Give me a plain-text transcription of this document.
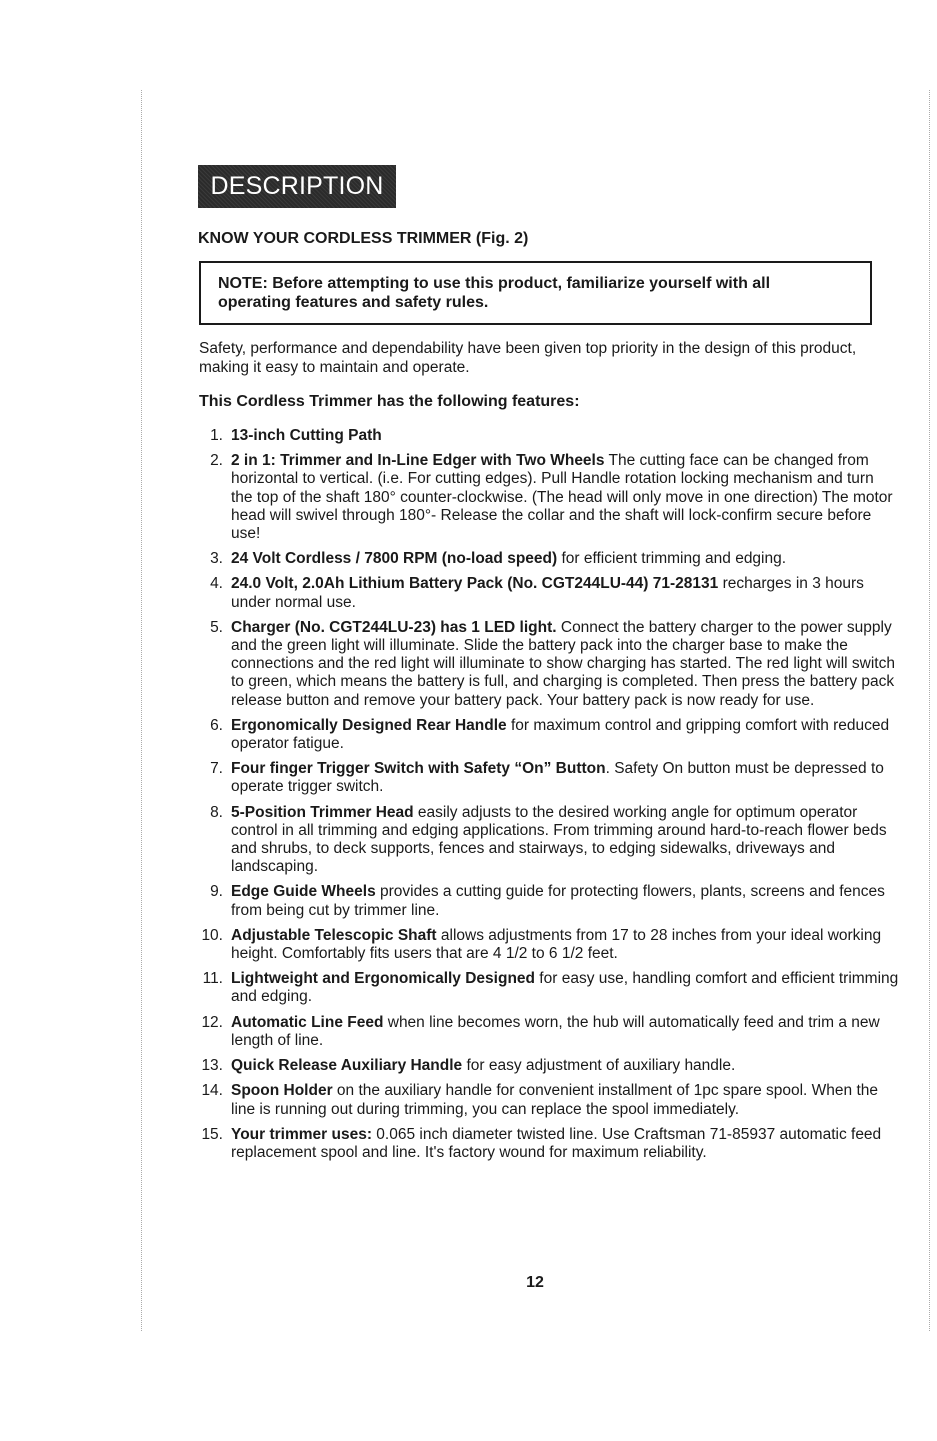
DESCRIPTION
KNOW YOUR CORDLESS TRIMMER (Fig. 2)
NOTE: Before attempting to use this product, familiarize yourself with all
operating features and safety rules.

Safety, performance and dependability have been given top priority in the design of this product, making it easy to maintain and operate.

This Cordless Trimmer has the following features:
1. 13-inch Cutting Path
2. 2 in 1: Trimmer and In-Line Edger with Two Wheels The cutting face can be changed from horizontal to vertical. (i.e. For cutting edges). Pull Handle rotation locking mechanism and turn the top of the shaft 180° counter-clockwise. (The head will only move in one direction) The motor head will swivel through 180°- Release the collar and the shaft will lock-confirm secure before use!
3. 24 Volt Cordless / 7800 RPM (no-load speed) for efficient trimming and edging.
4. 24.0 Volt, 2.0Ah Lithium Battery Pack (No. CGT244LU-44) 71-28131 recharges in 3 hours under normal use.
5. Charger (No. CGT244LU-23) has 1 LED light. Connect the battery charger to the power supply and the green light will illuminate. Slide the battery pack into the charger base to make the connections and the red light will illuminate to show charging has started. The red light will switch to green, which means the battery is full, and charging is completed. Then press the battery pack release button and remove your battery pack. Your battery pack is now ready for use.
6. Ergonomically Designed Rear Handle for maximum control and gripping comfort with reduced operator fatigue.
7. Four finger Trigger Switch with Safety “On” Button. Safety On button must be depressed to operate trigger switch.
8. 5-Position Trimmer Head easily adjusts to the desired working angle for optimum operator control in all trimming and edging applications. From trimming around hard-to-reach flower beds and shrubs, to deck supports, fences and stairways, to edging sidewalks, driveways and landscaping.
9. Edge Guide Wheels provides a cutting guide for protecting flowers, plants, screens and fences from being cut by trimmer line.
10. Adjustable Telescopic Shaft allows adjustments from 17 to 28 inches from your ideal working height. Comfortably fits users that are 4 1/2 to 6 1/2 feet.
11. Lightweight and Ergonomically Designed for easy use, handling comfort and efficient trimming and edging.
12. Automatic Line Feed when line becomes worn, the hub will automatically feed and trim a new length of line.
13. Quick Release Auxiliary Handle for easy adjustment of auxiliary handle.
14. Spoon Holder on the auxiliary handle for convenient installment of 1pc spare spool. When the line is running out during trimming, you can replace the spool immediately.
15. Your trimmer uses: 0.065 inch diameter twisted line. Use Craftsman 71-85937 automatic feed replacement spool and line. It's factory wound for maximum reliability.
12
